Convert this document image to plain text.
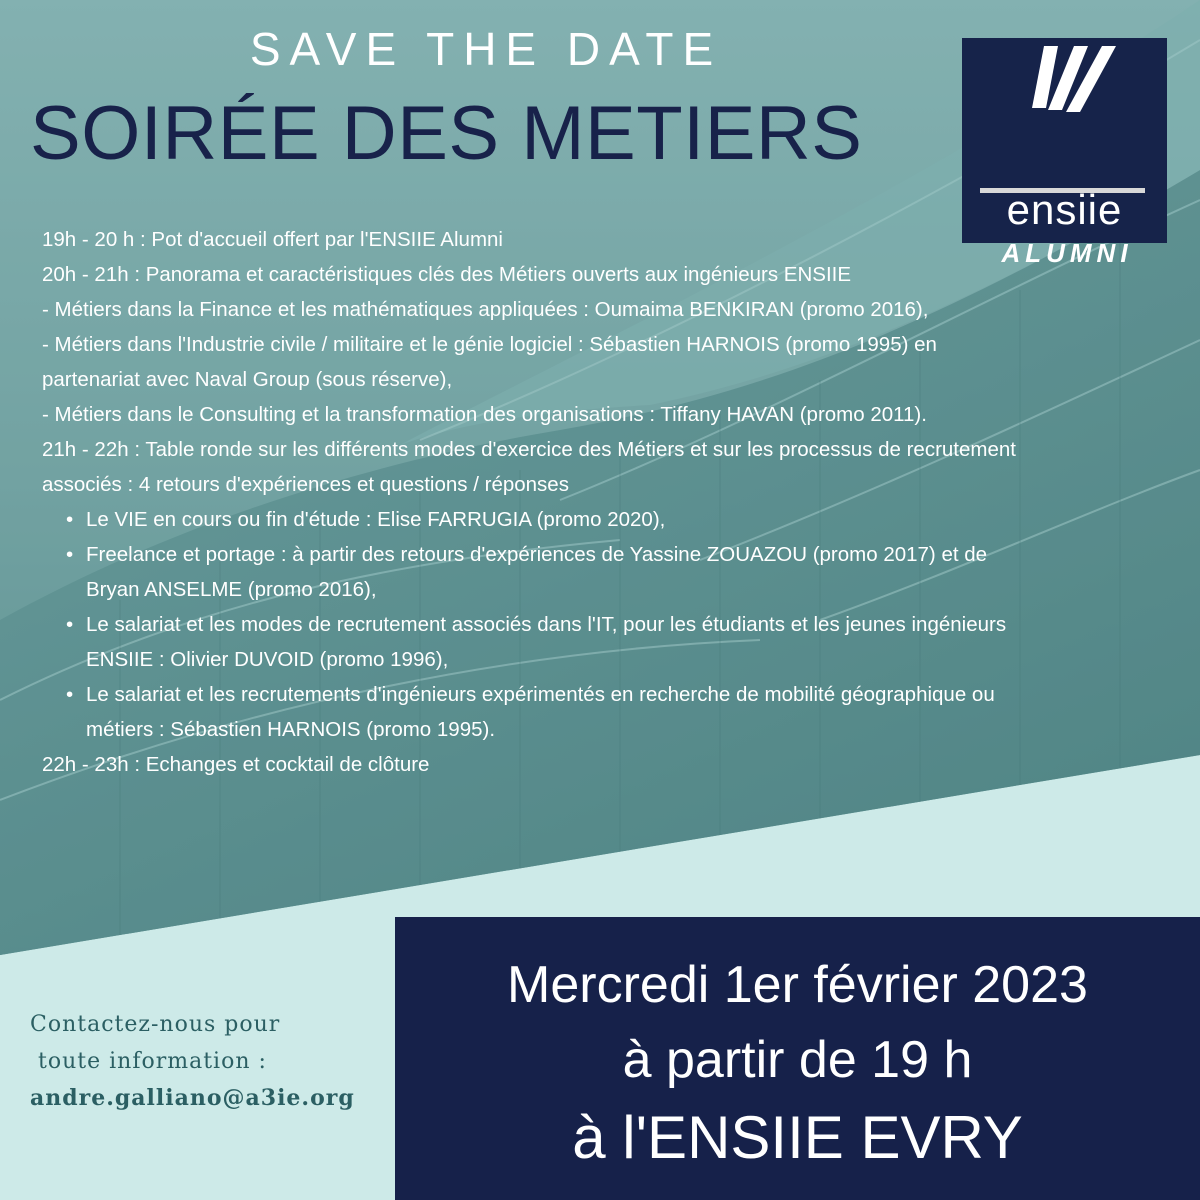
SAVE THE DATE
SOIRÉE DES METIERS
ensiie
ALUMNI

19h - 20 h : Pot d'accueil offert par l'ENSIIE Alumni

20h - 21h : Panorama et caractéristiques clés des Métiers ouverts aux ingénieurs ENSIIE

- Métiers dans la Finance et les mathématiques appliquées : Oumaima BENKIRAN (promo 2016),

- Métiers dans l'Industrie civile / militaire et le génie logiciel : Sébastien HARNOIS (promo 1995) en partenariat avec Naval Group (sous réserve),

- Métiers dans le Consulting et la transformation des organisations : Tiffany HAVAN (promo 2011).

21h - 22h : Table ronde sur les différents modes d'exercice des Métiers et sur les processus de recrutement associés : 4 retours d'expériences et questions / réponses

• Le VIE en cours ou fin d'étude : Elise FARRUGIA (promo 2020),
• Freelance et portage : à partir des retours d'expériences de Yassine ZOUAZOU (promo 2017) et de Bryan ANSELME (promo 2016),
• Le salariat et les modes de recrutement associés dans l'IT, pour les étudiants et les jeunes ingénieurs ENSIIE : Olivier DUVOID (promo 1996),
• Le salariat et les recrutements d'ingénieurs expérimentés en recherche de mobilité géographique ou métiers : Sébastien HARNOIS (promo 1995).

22h - 23h : Echanges et cocktail de clôture

Contactez-nous pour
toute information :
andre.galliano@a3ie.org
Mercredi 1er février 2023
à partir de 19 h
à l'ENSIIE EVRY
